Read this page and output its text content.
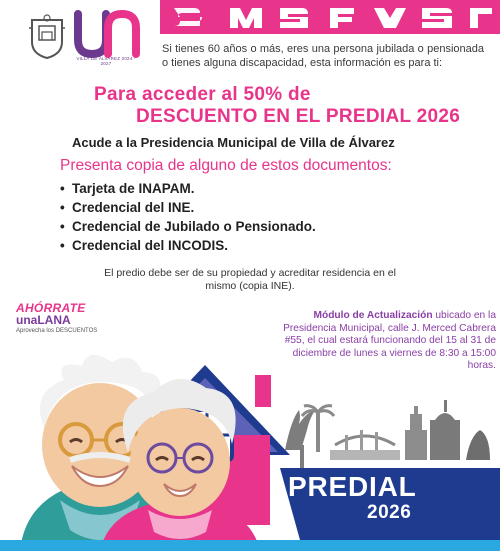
VILLA DE ÁLVAREZ 2024 - 2027

Si tienes 60 años o más, eres una persona jubilada o pensionada o tienes alguna discapacidad, esta información es para ti:

Para acceder al 50% de
DESCUENTO EN EL PREDIAL 2026
Acude a la Presidencia Municipal de Villa de Álvarez
Presenta copia de alguno de estos documentos:
• Tarjeta de INAPAM.
• Credencial del INE.
• Credencial de Jubilado o Pensionado.
• Credencial del INCODIS.

El predio debe ser de su propiedad y acreditar residencia en el mismo (copia INE).

AHÓRRATE
unaLANA
Aprovecha los DESCUENTOS

Módulo de Actualización ubicado en la Presidencia Municipal, calle J. Merced Cabrera #55, el cual estará funcionando del 15 al 31 de diciembre de lunes a viernes de 8:30 a 15:00 horas.

PREDIAL
2026
